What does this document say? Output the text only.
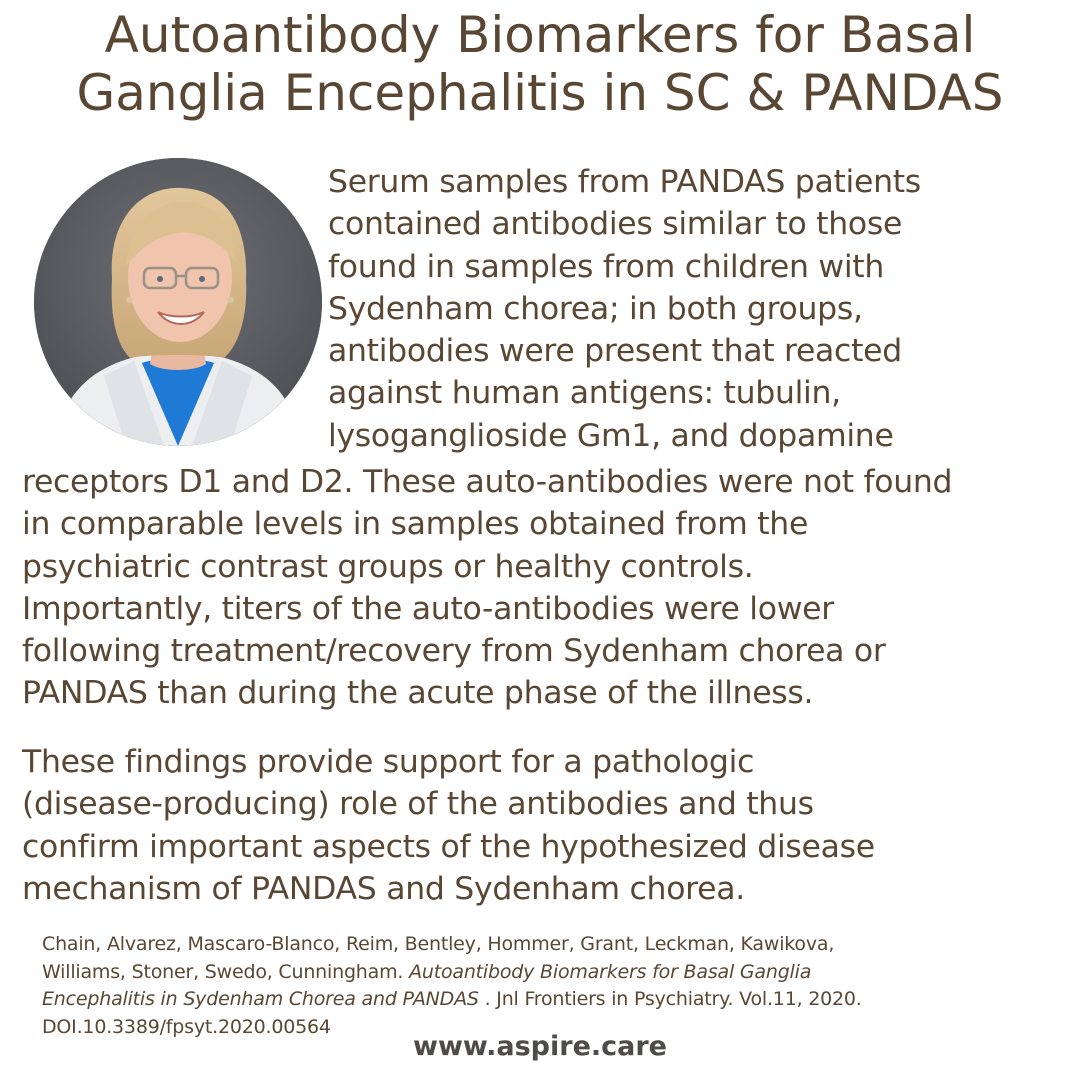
Autoantibody Biomarkers for Basal
Ganglia Encephalitis in SC & PANDAS

Serum samples from PANDAS patients
contained antibodies similar to those
found in samples from children with
Sydenham chorea; in both groups,
antibodies were present that reacted
against human antigens: tubulin,
lysoganglioside Gm1, and dopamine

receptors D1 and D2. These auto-antibodies were not found
in comparable levels in samples obtained from the
psychiatric contrast groups or healthy controls.
Importantly, titers of the auto-antibodies were lower
following treatment/recovery from Sydenham chorea or
PANDAS than during the acute phase of the illness.

These findings provide support for a pathologic
(disease-producing) role of the antibodies and thus
confirm important aspects of the hypothesized disease
mechanism of PANDAS and Sydenham chorea.

Chain, Alvarez, Mascaro-Blanco, Reim, Bentley, Hommer, Grant, Leckman, Kawikova,
Williams, Stoner, Swedo, Cunningham. Autoantibody Biomarkers for Basal Ganglia
Encephalitis in Sydenham Chorea and PANDAS . Jnl Frontiers in Psychiatry. Vol.11, 2020.
DOI.10.3389/fpsyt.2020.00564

www.aspire.care
